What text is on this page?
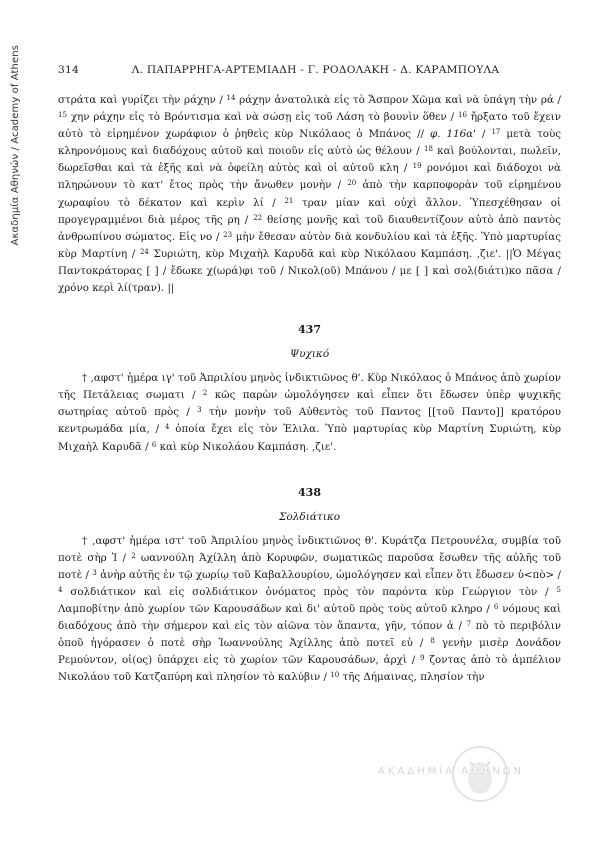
Ακαδημία Αθηνών / Academy of Athens	314	Λ. ΠΑΠΑΡΡΗΓΑ-ΑΡΤΕΜΙΑΔΗ - Γ. ΡΟΔΟΛΑΚΗ - Δ. ΚΑΡΑΜΠΟΥΛΑ

στράτα καὶ γυρίζει τὴν ράχην / $^{14}$ ράχην ἀνατολικὰ εἰς τὸ Ἄσπρον Χῶμα καὶ νὰ ὑπάγη τὴν ρά / $^{15}$ χην ράχην εἰς τὸ Βρόντισμα καὶ νὰ σώσῃ εἰς τοῦ Λάση τὸ βουνὶν ὅθεν / $^{16}$ ἤρξατο τοῦ ἔχειν αὐτὸ τὸ εἰρημένον χωράφιον ὁ ῥηθεὶς κὺρ Νικόλαος ὁ Μπάνος // φ. 116α' / $^{17}$ μετὰ τοὺς κληρονόμους καὶ διαδόχους αὐτοῦ καὶ ποιοῦν εἰς αὐτὸ ὡς θέλουν / $^{18}$ καὶ βούλονται, πωλεῖν, δωρεῖσθαι καὶ τὰ ἑξῆς καὶ νὰ ὀφείλη αὐτὸς καὶ οἱ αὐτοῦ κλη / $^{19}$ ρονόμοι καὶ διάδοχοι νὰ πληρώνουν τὸ κατ' ἔτος πρὸς τὴν ἄνωθεν μονὴν / $^{20}$ ἀπὸ τὴν καρποφορὰν τοῦ εἰρημένου χωραφίου τὸ δέκατον καὶ κερὶν λί / $^{21}$ τραν μίαν καὶ οὐχὶ ἄλλον. Ὑπεσχέθησαν οἱ προγεγραμμένοι διὰ μέρος τῆς ρη / $^{22}$ θείσης μονῆς καὶ τοῦ διαυθεντίζουν αὐτὸ ἀπὸ παντὸς ἀνθρωπίνου σώματος. Εἰς νο / $^{23}$ μὴν ἔθεσαν αὐτὸν διὰ κονδυλίου καὶ τὰ ἑξῆς. Ὑπὸ μαρτυρίας κὺρ Μαρτίνη / $^{24}$ Συριώτη, κὺρ Μιχαὴλ Καρυδᾶ καὶ κὺρ Νικόλαου Καμπάση. ,ζιε'. ||Ὁ Μέγας Παντοκράτορας [ ] / ἔδωκε χ(ωρά)φι τοῦ / Νικολ(οῦ) Μπάνου / με [ ] καὶ σολ(διάτι)κο πᾶσα / χρόνο κερὶ λί(τραν). ||

437
Ψυχικό

† ,αφστ' ἡμέρα ιγ' τοῦ Ἀπριλίου μηνὸς ἰνδικτιῶνος θ'. Κὺρ Νικόλαος ὁ Μπάνος ἀπὸ χωρίον τῆς Πετάλειας σωματι / $^2$ κῶς παρὼν ὡμολόγησεν καὶ εἶπεν ὅτι ἔδωσεν ὑπὲρ ψυχικῆς σωτηρίας αὐτοῦ πρὸς / $^3$ τὴν μονὴν τοῦ Αὐθεντὸς τοῦ Παντος [[τοῦ Παντο]] κρατόρου κεντρωμάδα μία, / $^4$ ὁποία ἔχει εἰς τὸν Ἐλιλα. Ὑπὸ μαρτυρίας κὺρ Μαρτίνη Συριώτη, κὺρ Μιχαὴλ Καρυδᾶ / $^6$ καὶ κὺρ Νικολάου Καμπάση. ,ζιε'.

438
Σολδιάτικο

† ,αφστ' ἡμέρα ιστ' τοῦ Ἀπριλίου μηνὸς ἰνδικτιῶνος θ'. Κυράτζα Πετρουνέλα, συμβία τοῦ ποτὲ σὴρ Ἰ / $^2$ ωαννούλη Ἀχίλλη ἀπὸ Κορυφῶν, σωματικῶς παροῦσα ἔσωθεν τῆς αὐλῆς τοῦ ποτὲ / $^3$ ἀνὴρ αὐτῆς ἐν τῷ χωρίῳ τοῦ Καβαλλουρίου, ὡμολόγησεν καὶ εἶπεν ὅτι ἔδωσεν ὑ<πὸ> / $^4$ σολδιάτικον καὶ εἰς σολδιάτικον ὀνόματος πρὸς τὸν παρόντα κὺρ Γεώργιον τὸν / $^5$ Λαμποβίτην ἀπὸ χωρίον τῶν Καρουσάδων καὶ δι' αὐτοῦ πρὸς τοὺς αὐτοῦ κληρο / $^6$ νόμους καὶ διαδόχους ἀπὸ τὴν σήμερον καὶ εἰς τὸν αἰῶνα τὸν ἅπαντα, γῆν, τόπον ἀ / $^7$ πὸ τὸ περιβόλιν ὁποῦ ἠγόρασεν ὁ ποτὲ σὴρ Ἰωαννούλης Ἀχίλλης ἀπὸ ποτεῖ εὐ / $^8$ γενὴν μισὲρ Δονάδον Ρεμούντον, οἱ(ος) ὑπάρχει εἰς τὸ χωρίον τῶν Καρουσάδων, ἀρχὶ / $^9$ ζοντας ἀπὸ τὸ ἀμπέλιον Νικολάου τοῦ Κατζαπύρη καὶ πλησίον τὸ καλύβιν / $^{10}$ τῆς Δήμαινας, πλησίον τὴν

ΑΚΑΔΗΜΙΑ ΑΘΗΝΩΝ
